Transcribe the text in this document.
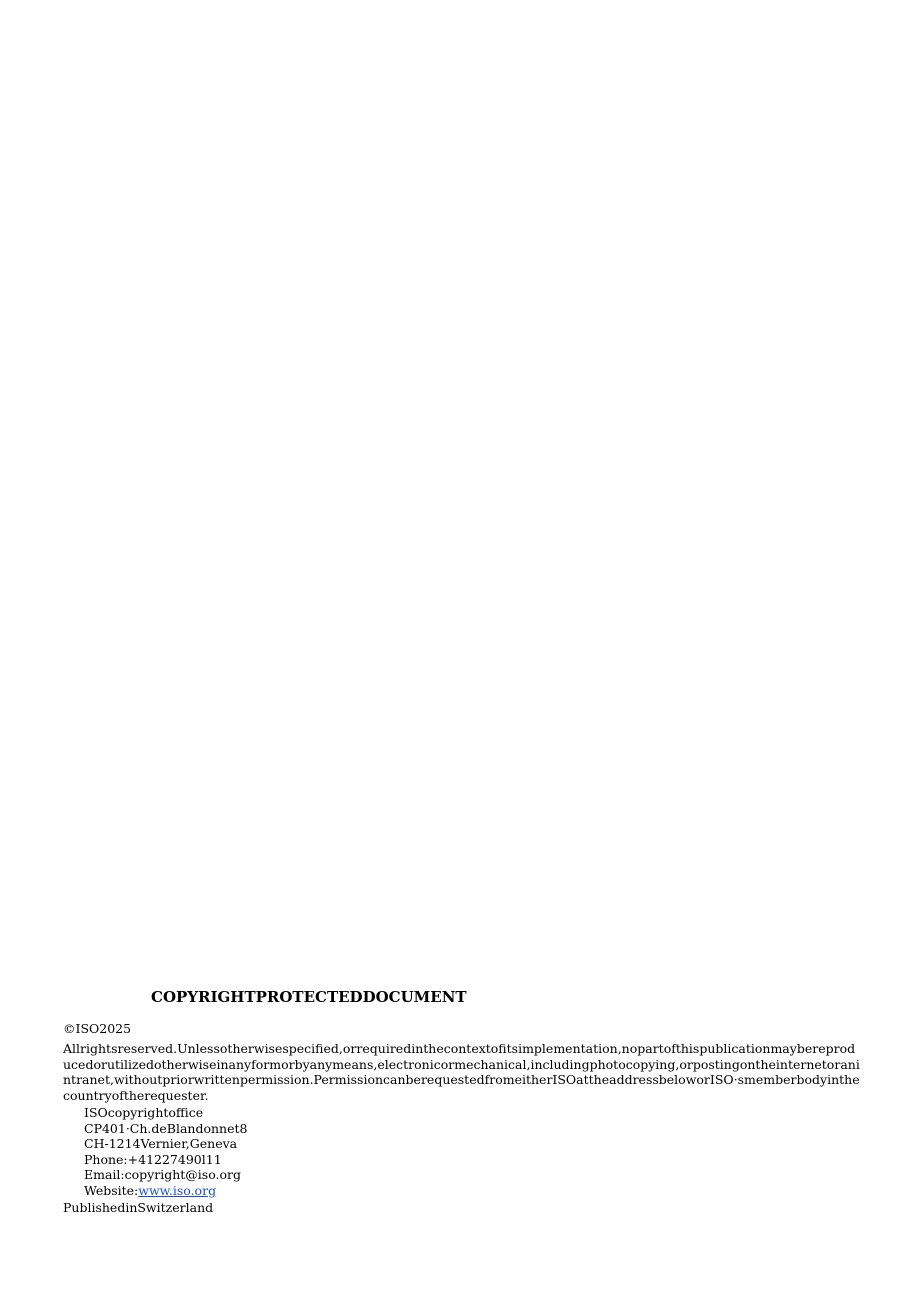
COPYRIGHTPROTECTEDDOCUMENT
©ISO2025
Allrightsreserved.Unlessotherwisespecified,orrequiredinthecontextofitsimplementation,nopartofthispublicationmaybereproducedorutilizedotherwiseinanyformorbyanymeans,electronicormechanical,includingphotocopying,orpostingontheinternetoranintranet,withoutpriorwrittenpermission.PermissioncanberequestedfromeitherISOattheaddressbeloworISO·smemberbodyinthecountryoftherequester.
ISOcopyrightoffice
CP401·Ch.deBlandonnet8
CH-1214Vernier,Geneva
Phone:+41227490l11
Email:copyright@iso.org
Website:www.iso.org
PublishedinSwitzerland
